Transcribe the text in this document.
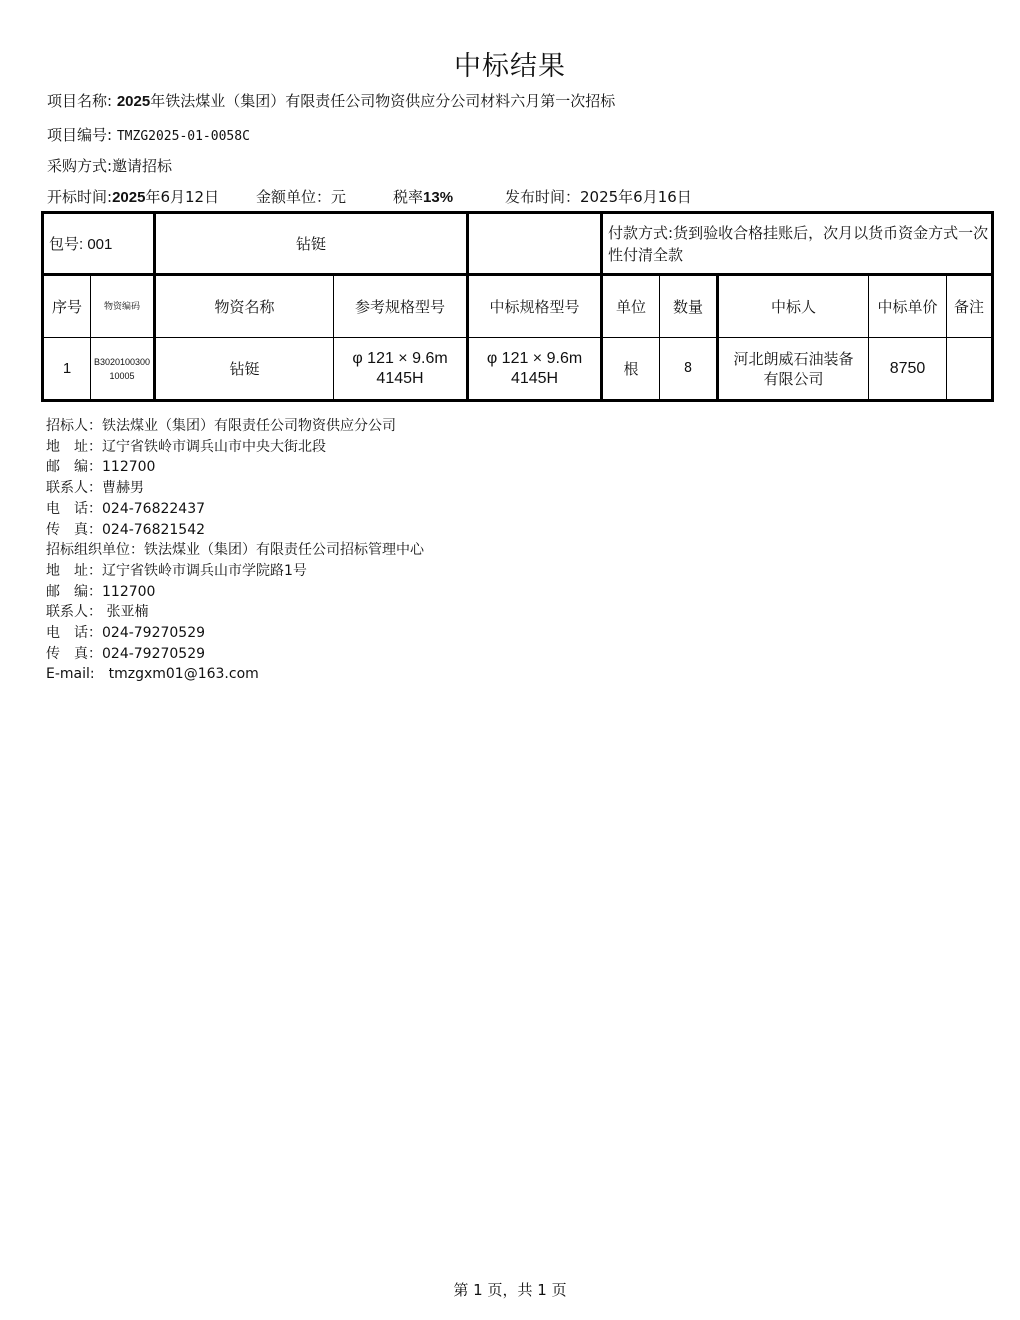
中标结果
项目名称: 2025年铁法煤业（集团）有限责任公司物资供应分公司材料六月第一次招标
项目编号: TMZG2025-01-0058C
采购方式:邀请招标
开标时间:2025年6月12日 金额单位：元	税率13%	发布时间：2025年6月16日
包号: 001		钻铤			付款方式:货到验收合格挂账后，次月以货币资金方式一次性付清全款				
序号	物资编码	物资名称	参考规格型号	中标规格型号	单位	数量	中标人	中标单价	备注
1	B302010030010005	钻铤	φ 121 × 9.6m 4145H	φ 121 × 9.6m 4145H	根	8	河北朗威石油装备有限公司	8750	
招标人：铁法煤业（集团）有限责任公司物资供应分公司
地　址：辽宁省铁岭市调兵山市中央大街北段
邮　编：112700
联系人：曹赫男
电　话：024-76822437
传　真：024-76821542
招标组织单位：铁法煤业（集团）有限责任公司招标管理中心
地　址：辽宁省铁岭市调兵山市学院路1号
邮　编：112700
联系人： 张亚楠
电　话：024-79270529
传　真：024-79270529
E-mail:　tmzgxm01@163.com
第 1 页，共 1 页
